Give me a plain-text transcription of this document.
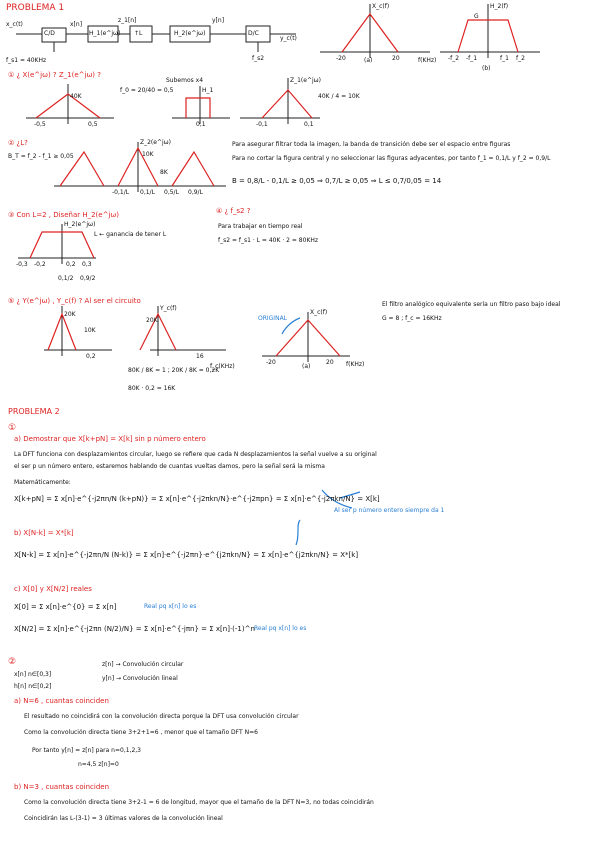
PROBLEMA 1
x_c(t)
f_s1 = 40KHz
C/D	H_1(e^jω) ↑L	H_2(e^jω)	D/C
x[n]
z_1[n]	y[n]
f_s2
y_c(t)
X_c(f)
-20	(a)	20	f(KHz)
H_2(f)
G
-f_2 -f_1	f_1 f_2
(b)
① ¿ X(e^jω) ? Z_1(e^jω) ?
f_0 = 20/40 = 0,5
-0,5	0,5
40K
Subemos x4
H_1
0,1
Z_1(e^jω)
-0,1	0,1
40K / 4 = 10K
② ¿L?
B_T = f_2 - f_1 ≥ 0,05
Z_2(e^jω)
-0,1/L 0,1/L 0,5/L 0,9/L
10K
8K
Para asegurar filtrar toda la imagen, la banda de transición debe ser el espacio entre figuras
Para no cortar la figura central y no seleccionar las figuras adyacentes, por tanto f_1 = 0,1/L y f_2 = 0,9/L
B = 0,8/L - 0,1/L ≥ 0,05 ⇒ 0,7/L ≥ 0,05 ⇒ L ≤ 0,7/0,05 = 14
③ Con L=2 , Diseñar H_2(e^jω)
H_2(e^jω)
L ← ganancia de tener L
-0,3 -0,2	0,2 0,3
0,1/2 0,9/2
④ ¿ f_s2 ?
Para trabajar en tiempo real
f_s2 = f_s1 · L = 40K · 2 = 80KHz
⑤ ¿ Y(e^jω) , Y_c(f) ? Al ser el circuito
20K
10K
0,2
Y_c(f)
20K
16
f_c(KHz)
80K / 8K = 1 ; 20K / 8K = 0,2K
80K · 0,2 = 16K
ORIGINAL
X_c(f)
-20
(a)
20 f(KHz)
El filtro analógico equivalente sería un filtro paso bajo ideal
G = 8 ; f_c = 16KHz
PROBLEMA 2
①
a) Demostrar que X[k+pN] = X[k] sin p número entero
La DFT funciona con desplazamientos circular, luego se refiere que cada N desplazamientos la señal vuelve a su original
el ser p un número entero, estaremos hablando de cuantas vueltas damos, pero la señal será la misma
Matemáticamente:
X[k+pN] = Σ x[n]·e^{-j2πn/N (k+pN)} = Σ x[n]·e^{-j2πkn/N}·e^{-j2πpn} = Σ x[n]·e^{-j2πkn/N} = X[k]
Al ser p número entero siempre da 1
b) X[N-k] = X*[k]
X[N-k] = Σ x[n]·e^{-j2πn/N (N-k)} = Σ x[n]·e^{-j2πn}·e^{j2πkn/N} = Σ x[n]·e^{j2πkn/N} = X*[k]
c) X[0] y X[N/2] reales
X[0] = Σ x[n]·e^{0} = Σ x[n]	Real pq x[n] lo es
X[N/2] = Σ x[n]·e^{-j2πn (N/2)/N} = Σ x[n]·e^{-jπn} = Σ x[n]·(-1)^n Real pq x[n] lo es
②
x[n] n∈[0,3]
h[n] n∈[0,2]
z[n] → Convolución circular
y[n] → Convolución lineal
a) N=6 , cuantas coinciden
El resultado no coincidirá con la convolución directa porque la DFT usa convolución circular
Como la convolución directa tiene 3+2+1=6 , menor que el tamaño DFT N=6
Por tanto y[n] = z[n] para n=0,1,2,3
n=4,5 z[n]=0
b) N=3 , cuantas coinciden
Como la convolución directa tiene 3+2-1 = 6 de longitud, mayor que el tamaño de la DFT N=3, no todas coincidirán
Coincidirán las L-(3-1) = 3 últimas valores de la convolución lineal
